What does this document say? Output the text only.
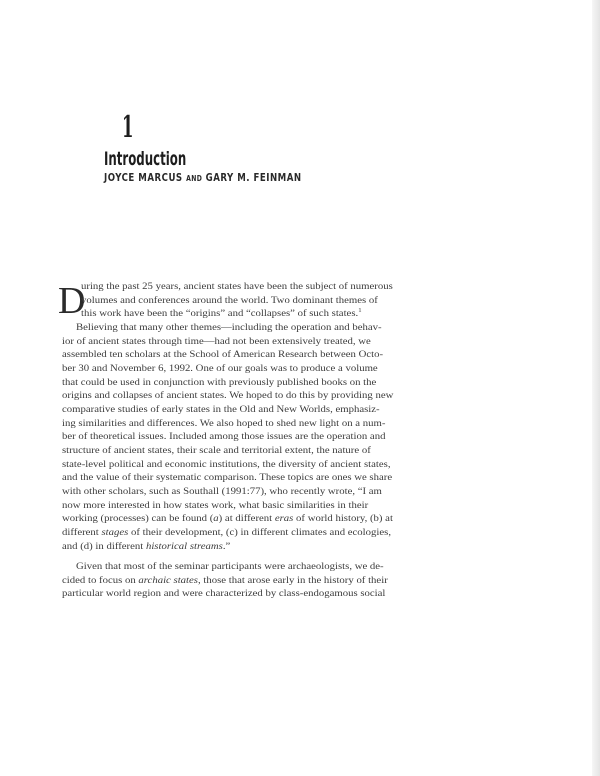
1
Introduction
JOYCE MARCUS AND GARY M. FEINMAN
D
uring the past 25 years, ancient states have been the subject of numerous
volumes and conferences around the world. Two dominant themes of
this work have been the “origins” and “collapses” of such states.$^1$
Believing that many other themes—including the operation and behav-
ior of ancient states through time—had not been extensively treated, we
assembled ten scholars at the School of American Research between Octo-
ber 30 and November 6, 1992. One of our goals was to produce a volume
that could be used in conjunction with previously published books on the
origins and collapses of ancient states. We hoped to do this by providing new
comparative studies of early states in the Old and New Worlds, emphasiz-
ing similarities and differences. We also hoped to shed new light on a num-
ber of theoretical issues. Included among those issues are the operation and
structure of ancient states, their scale and territorial extent, the nature of
state-level political and economic institutions, the diversity of ancient states,
and the value of their systematic comparison. These topics are ones we share
with other scholars, such as Southall (1991:77), who recently wrote, “I am
now more interested in how states work, what basic similarities in their
working (processes) can be found (a) at different eras of world history, (b) at
different stages of their development, (c) in different climates and ecologies,
and (d) in different historical streams.”
Given that most of the seminar participants were archaeologists, we de-
cided to focus on archaic states, those that arose early in the history of their
particular world region and were characterized by class-endogamous social
